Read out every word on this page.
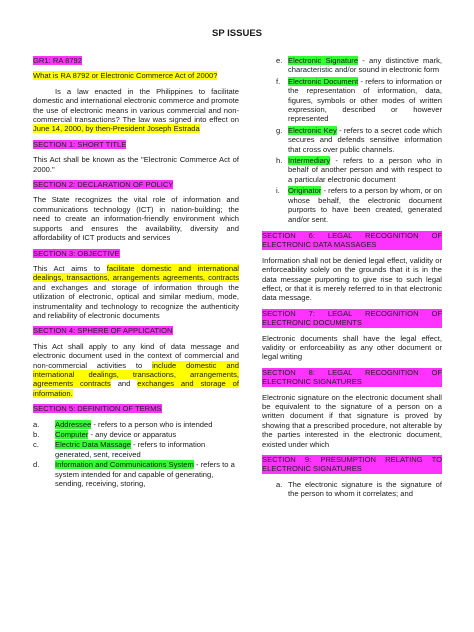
SP ISSUES
GR1: RA 8792
What is RA 8792 or Electronic Commerce Act of 2000?

Is a law enacted in the Philippines to facilitate domestic and international electronic commerce and promote the use of electronic means in various commercial and non-commercial transactions? The law was signed into effect on June 14, 2000, by then-President Joseph Estrada

SECTION 1: SHORT TITLE

This Act shall be known as the "Electronic Commerce Act of 2000."

SECTION 2: DECLARATION OF POLICY

The State recognizes the vital role of information and communications technology (ICT) in nation-building; the need to create an information-friendly environment which supports and ensures the availability, diversity and affordability of ICT products and services

SECTION 3: OBJECTIVE

This Act aims to facilitate domestic and international dealings, transactions, arrangements agreements, contracts and exchanges and storage of information through the utilization of electronic, optical and similar medium, mode, instrumentality and technology to recognize the authenticity and reliability of electronic documents

SECTION 4: SPHERE OF APPLICATION

This Act shall apply to any kind of data message and electronic document used in the context of commercial and non-commercial activities to include domestic and international dealings, transactions, arrangements, agreements contracts and exchanges and storage of information.

SECTION 5: DEFINITION OF TERMS
a.	Addressee - refers to a person who is intended
b.	Computer - any device or apparatus
c.	Electric Data Massage - refers to information generated, sent, received
d.	Information and Communications System - refers to a system intended for and capable of generating, sending, receiving, storing,
e. Electronic Signature - any distinctive mark, characteristic and/or sound in electronic form
f.	Electronic Document - refers to information or the representation of information, data, figures, symbols or other modes of written expression, described or however represented
g. Electronic Key - refers to a secret code which secures and defends sensitive information that cross over public channels.
h. Intermediary - refers to a person who in behalf of another person and with respect to a particular electronic document
i.	Originator - refers to a person by whom, or on whose behalf, the electronic document purports to have been created, generated and/or sent.
SECTION 6: LEGAL RECOGNITION OF ELECTRONIC DATA MASSAGES

Information shall not be denied legal effect, validity or enforceability solely on the grounds that it is in the data message purporting to give rise to such legal effect, or that it is merely referred to in that electronic data message.

SECTION 7: LEGAL RECOGNITION OF ELECTRONIC DOCUMENTS

Electronic documents shall have the legal effect, validity or enforceability as any other document or legal writing

SECTION 8: LEGAL RECOGNITION OF ELECTRONIC SIGNATURES

Electronic signature on the electronic document shall be equivalent to the signature of a person on a written document if that signature is proved by showing that a prescribed procedure, not alterable by the parties interested in the electronic document, existed under which

SECTION 9: PRESUMPTION RELATING TO ELECTRONIC SIGNATURES
a. The electronic signature is the signature of the person to whom it correlates; and
